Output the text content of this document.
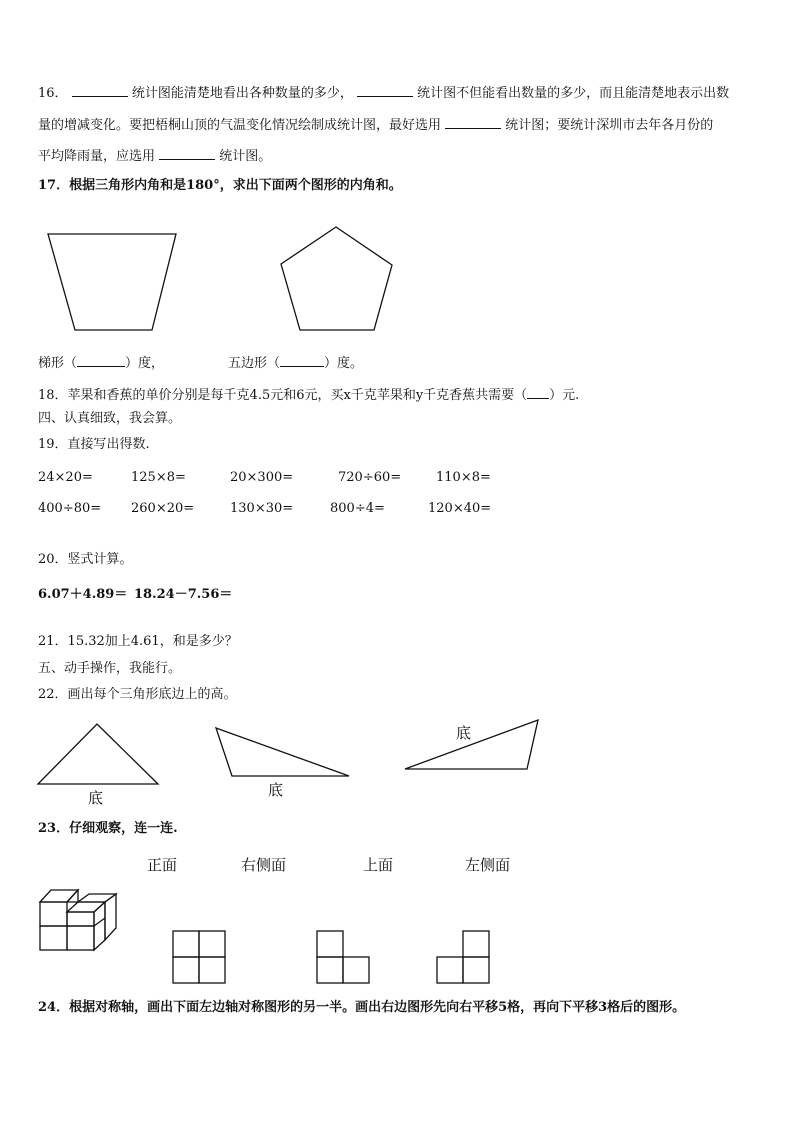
16．	统计图能清楚地看出各种数量的多少，	统计图不但能看出数量的多少，而且能清楚地表示出数
量的增减变化。要把梧桐山顶的气温变化情况绘制成统计图，最好选用	统计图；要统计深圳市去年各月份的
平均降雨量，应选用	统计图。
17．根据三角形内角和是180°，求出下面两个图形的内角和。
梯形（	）度，	五边形（	）度。
18．苹果和香蕉的单价分别是每千克4.5元和6元，买x千克苹果和y千克香蕉共需要（ ）元.
四、认真细致，我会算。
19．直接写出得数.
24×20=	125×8=	20×300=	720÷60=	110×8=
400÷80= 260×20=	130×30=	800÷4=	120×40=
20．竖式计算。
6.07＋4.89＝ 18.24－7.56＝
21．15.32加上4.61，和是多少？
五、动手操作，我能行。
22．画出每个三角形底边上的高。
底	底
底
23．仔细观察，连一连.
正面	右侧面	上面	左侧面
24．根据对称轴，画出下面左边轴对称图形的另一半。画出右边图形先向右平移5格，再向下平移3格后的图形。
